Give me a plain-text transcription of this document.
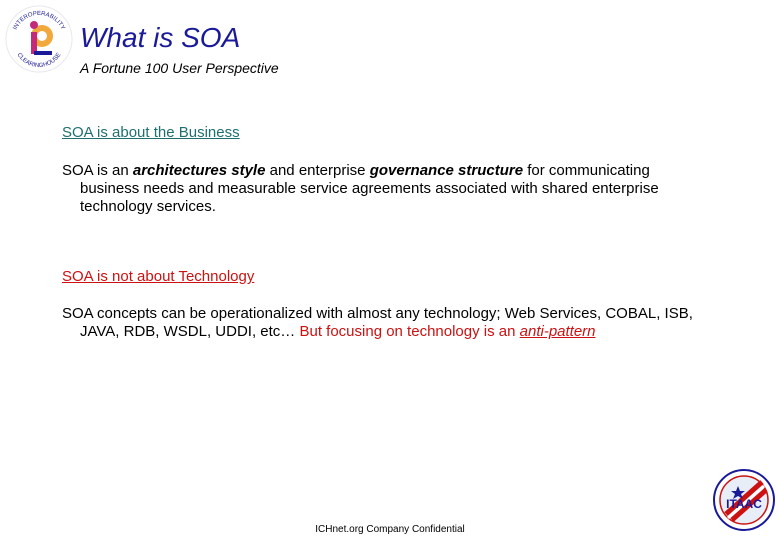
INTEROPERABILITY
CLEARINGHOUSE
What is SOA
A Fortune 100 User Perspective
SOA is about the Business
SOA is an architectures style and enterprise governance structure for communicating
business needs and measurable service agreements associated with shared enterprise
technology services.
SOA is not about Technology
SOA concepts can be operationalized with almost any technology; Web Services, COBAL, ISB,
JAVA, RDB, WSDL, UDDI, etc… But focusing on technology is an anti-pattern
ITAAC
ICHnet.org Company Confidential
